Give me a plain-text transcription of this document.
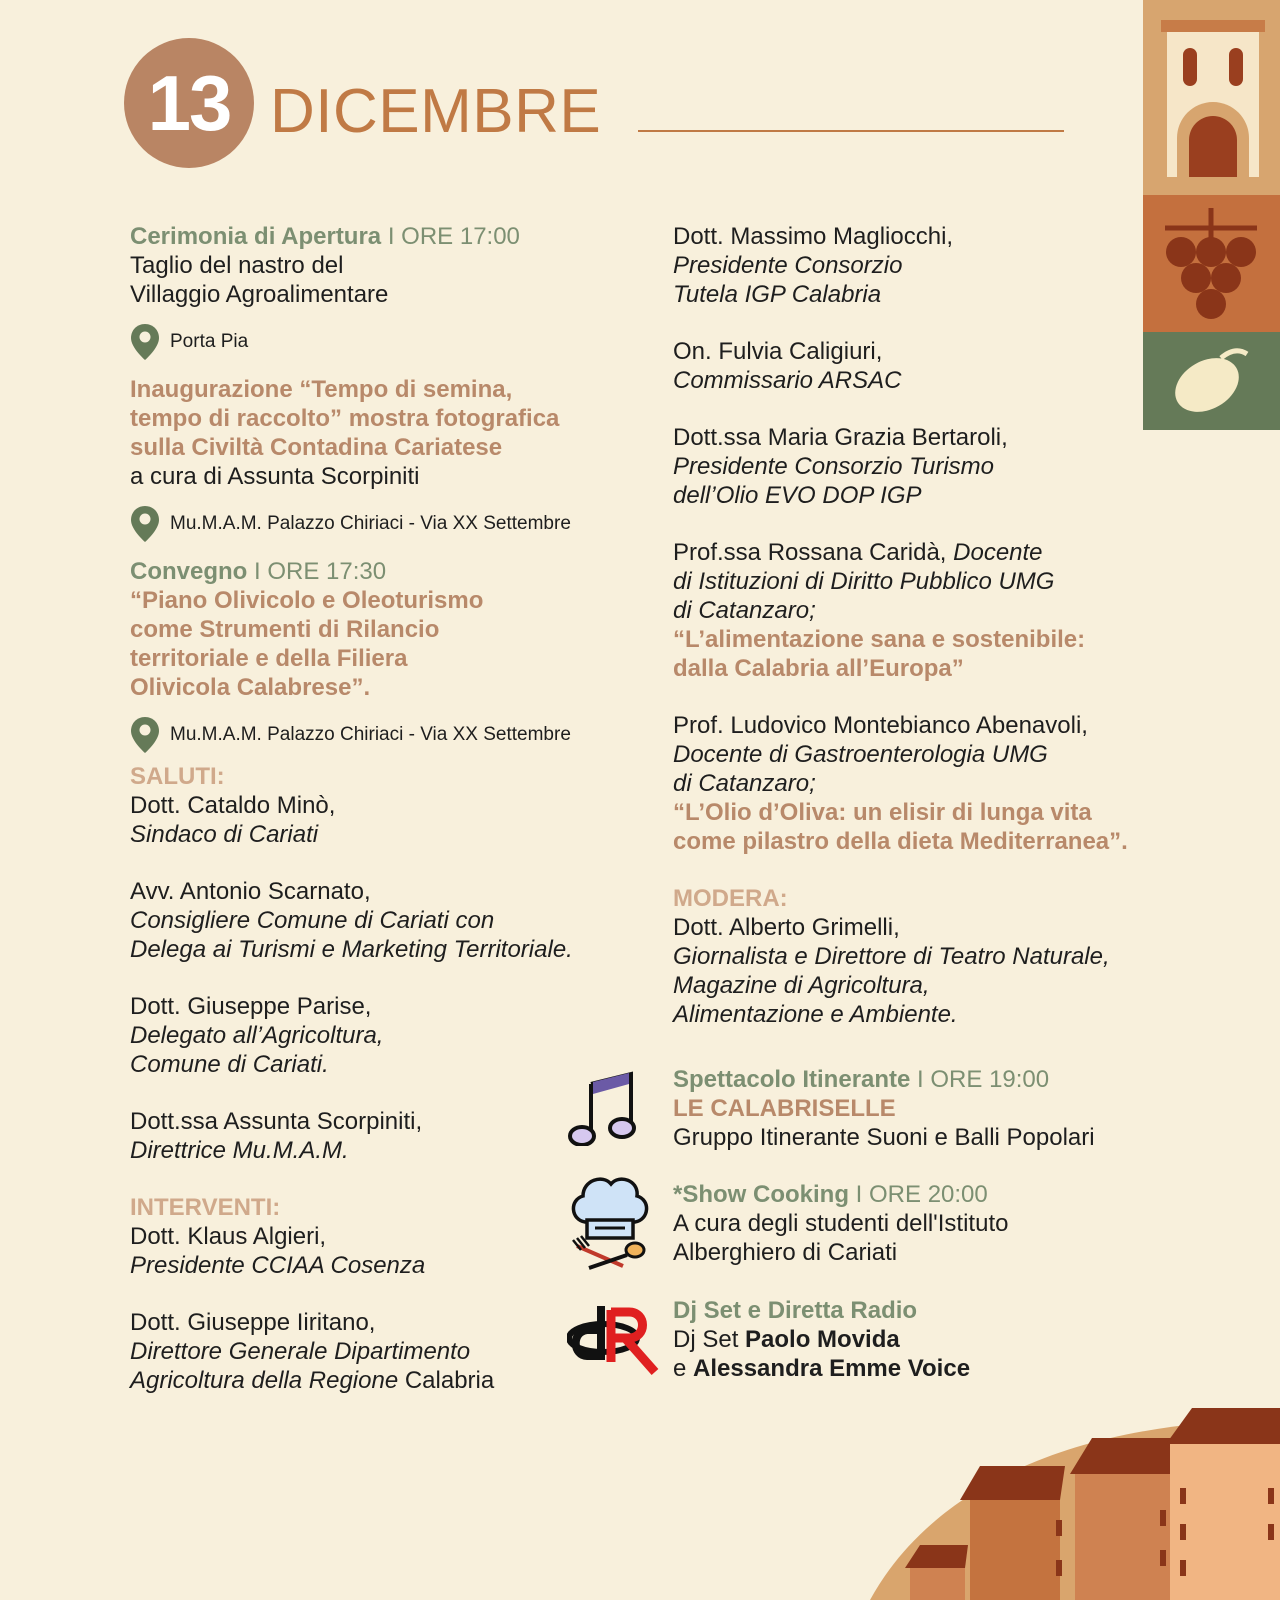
13 DICEMBRE

Cerimonia di Apertura I ORE 17:00

Taglio del nastro del

Villaggio Agroalimentare

Porta Pia

Inaugurazione “Tempo di semina,

tempo di raccolto” mostra fotografica

sulla Civiltà Contadina Cariatese

a cura di Assunta Scorpiniti

Mu.M.A.M. Palazzo Chiriaci - Via XX Settembre

Convegno I ORE 17:30

“Piano Olivicolo e Oleoturismo

come Strumenti di Rilancio

territoriale e della Filiera

Olivicola Calabrese”.

Mu.M.A.M. Palazzo Chiriaci - Via XX Settembre

SALUTI:

Dott. Cataldo Minò,

Sindaco di Cariati

Avv. Antonio Scarnato,

Consigliere Comune di Cariati con

Delega ai Turismi e Marketing Territoriale.

Dott. Giuseppe Parise,

Delegato all’Agricoltura,

Comune di Cariati.

Dott.ssa Assunta Scorpiniti,

Direttrice Mu.M.A.M.

INTERVENTI:

Dott. Klaus Algieri,

Presidente CCIAA Cosenza

Dott. Giuseppe Iiritano,

Direttore Generale Dipartimento

Agricoltura della Regione Calabria

Dott. Massimo Magliocchi,

Presidente Consorzio

Tutela IGP Calabria

On. Fulvia Caligiuri,

Commissario ARSAC

Dott.ssa Maria Grazia Bertaroli,

Presidente Consorzio Turismo

dell’Olio EVO DOP IGP

Prof.ssa Rossana Caridà, Docente

di Istituzioni di Diritto Pubblico UMG

di Catanzaro;

“L’alimentazione sana e sostenibile:

dalla Calabria all’Europa”

Prof. Ludovico Montebianco Abenavoli,

Docente di Gastroenterologia UMG

di Catanzaro;

“L’Olio d’Oliva: un elisir di lunga vita

come pilastro della dieta Mediterranea”.

MODERA:

Dott. Alberto Grimelli,

Giornalista e Direttore di Teatro Naturale,

Magazine di Agricoltura,

Alimentazione e Ambiente.

Spettacolo Itinerante I ORE 19:00

LE CALABRISELLE

Gruppo Itinerante Suoni e Balli Popolari

*Show Cooking I ORE 20:00

A cura degli studenti dell'Istituto

Alberghiero di Cariati

Dj Set e Diretta Radio

Dj Set Paolo Movida

e Alessandra Emme Voice
